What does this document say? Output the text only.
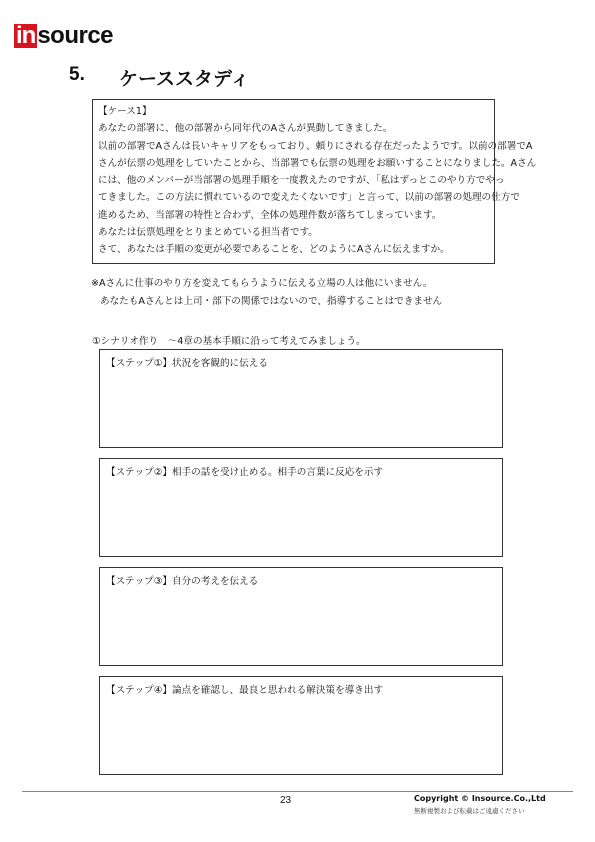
in source
5.	ケーススタディ
【ケース1】
あなたの部署に、他の部署から同年代のAさんが異動してきました。
以前の部署でAさんは長いキャリアをもっており、頼りにされる存在だったようです。以前の部署でA
さんが伝票の処理をしていたことから、当部署でも伝票の処理をお願いすることになりました。Aさん
には、他のメンバーが当部署の処理手順を一度教えたのですが、「私はずっとこのやり方でやっ
てきました。この方法に慣れているので変えたくないです」と言って、以前の部署の処理の仕方で
進めるため、当部署の特性と合わず、全体の処理件数が落ちてしまっています。
あなたは伝票処理をとりまとめている担当者です。
さて、あなたは手順の変更が必要であることを、どのようにAさんに伝えますか。
※Aさんに仕事のやり方を変えてもらうように伝える立場の人は他にいません。
あなたもAさんとは上司・部下の関係ではないので、指導することはできません
①シナリオ作り　～4章の基本手順に沿って考えてみましょう。
【ステップ①】状況を客観的に伝える
【ステップ②】相手の話を受け止める。相手の言葉に反応を示す
【ステップ③】自分の考えを伝える
【ステップ④】論点を確認し、最良と思われる解決策を導き出す
23	Copyright © Insource.Co.,Ltd
無断複製および転載はご遠慮ください
